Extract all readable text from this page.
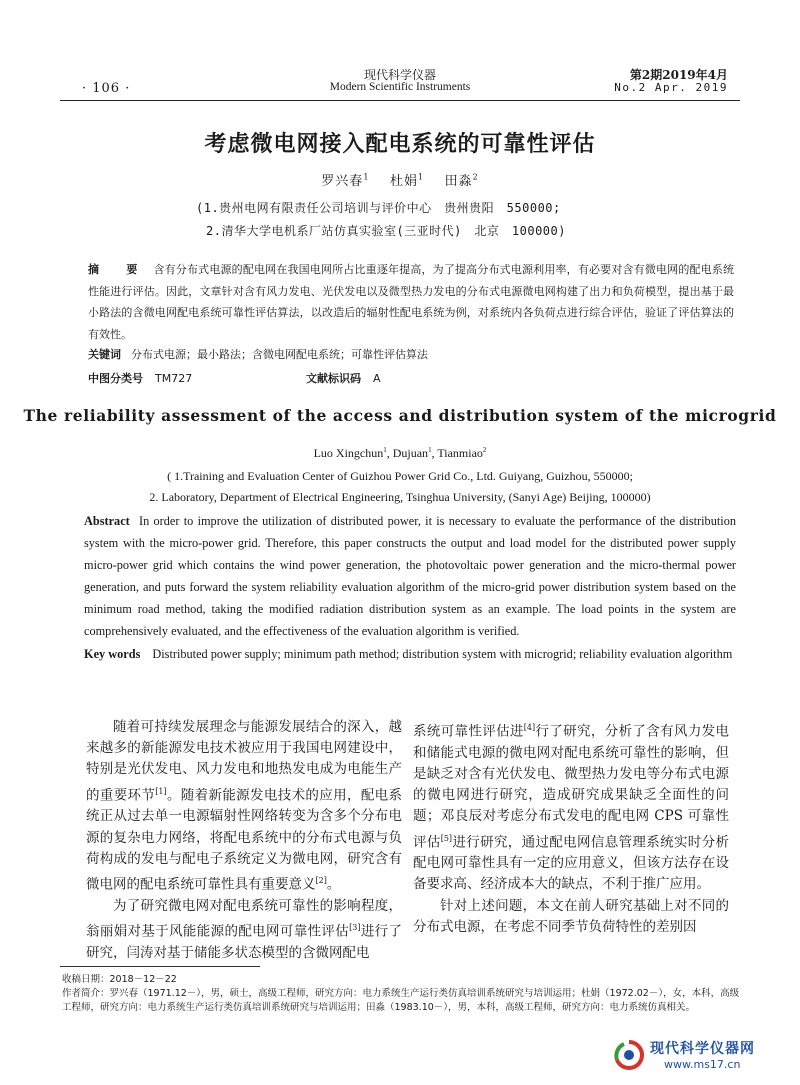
· 106 ·
现代科学仪器
Modern Scientific Instruments
第2期2019年4月
No.2 Apr. 2019
考虑微电网接入配电系统的可靠性评估
罗兴春$^1$ 杜娟$^1$ 田淼$^2$
(1.贵州电网有限责任公司培训与评价中心　贵州贵阳　550000;
2.清华大学电机系厂站仿真实验室(三亚时代)　北京　100000)
摘　要 含有分布式电源的配电网在我国电网所占比重逐年提高，为了提高分布式电源利用率，有必要对含有微电网的配电系统性能进行评估。因此，文章针对含有风力发电、光伏发电以及微型热力发电的分布式电源微电网构建了出力和负荷模型，提出基于最小路法的含微电网配电系统可靠性评估算法，以改造后的辐射性配电系统为例，对系统内各负荷点进行综合评估，验证了评估算法的有效性。
关键词 分布式电源；最小路法；含微电网配电系统；可靠性评估算法
中图分类号 TM727	文献标识码 A
The reliability assessment of the access and distribution system of the microgrid
Luo Xingchun$^1$, Dujuan$^1$, Tianmiao$^2$
( 1.Training and Evaluation Center of Guizhou Power Grid Co., Ltd. Guiyang, Guizhou, 550000;
2. Laboratory, Department of Electrical Engineering, Tsinghua University, (Sanyi Age) Beijing, 100000)
Abstract In order to improve the utilization of distributed power, it is necessary to evaluate the performance of the distribution system with the micro-power grid. Therefore, this paper constructs the output and load model for the distributed power supply micro-power grid which contains the wind power generation, the photovoltaic power generation and the micro-thermal power generation, and puts forward the system reliability evaluation algorithm of the micro-grid power distribution system based on the minimum road method, taking the modified radiation distribution system as an example. The load points in the system are comprehensively evaluated, and the effectiveness of the evaluation algorithm is verified.
Key words Distributed power supply; minimum path method; distribution system with microgrid; reliability evaluation algorithm

随着可持续发展理念与能源发展结合的深入，越来越多的新能源发电技术被应用于我国电网建设中，特别是光伏发电、风力发电和地热发电成为电能生产的重要环节[1]。随着新能源发电技术的应用，配电系统正从过去单一电源辐射性网络转变为含多个分布电源的复杂电力网络，将配电系统中的分布式电源与负荷构成的发电与配电子系统定义为微电网，研究含有微电网的配电系统可靠性具有重要意义[2]。

为了研究微电网对配电系统可靠性的影响程度，翁丽娟对基于风能能源的配电网可靠性评估[3]进行了研究，闫涛对基于储能多状态模型的含微网配电

系统可靠性评估进[4]行了研究，分析了含有风力发电和储能式电源的微电网对配电系统可靠性的影响，但是缺乏对含有光伏发电、微型热力发电等分布式电源的微电网进行研究，造成研究成果缺乏全面性的问题；邓良辰对考虑分布式发电的配电网 CPS 可靠性评估[5]进行研究，通过配电网信息管理系统实时分析配电网可靠性具有一定的应用意义，但该方法存在设备要求高、经济成本大的缺点，不利于推广应用。

针对上述问题，本文在前人研究基础上对不同的分布式电源，在考虑不同季节负荷特性的差别因

收稿日期：2018－12－22

作者简介：罗兴春（1971.12－），男，硕士，高级工程师，研究方向：电力系统生产运行类仿真培训系统研究与培训运用；杜娟（1972.02－），女，本科，高级工程师，研究方向：电力系统生产运行类仿真培训系统研究与培训运用；田淼（1983.10－），男，本科，高级工程师，研究方向：电力系统仿真相关。

现代科学仪器网
www.ms17.cn
